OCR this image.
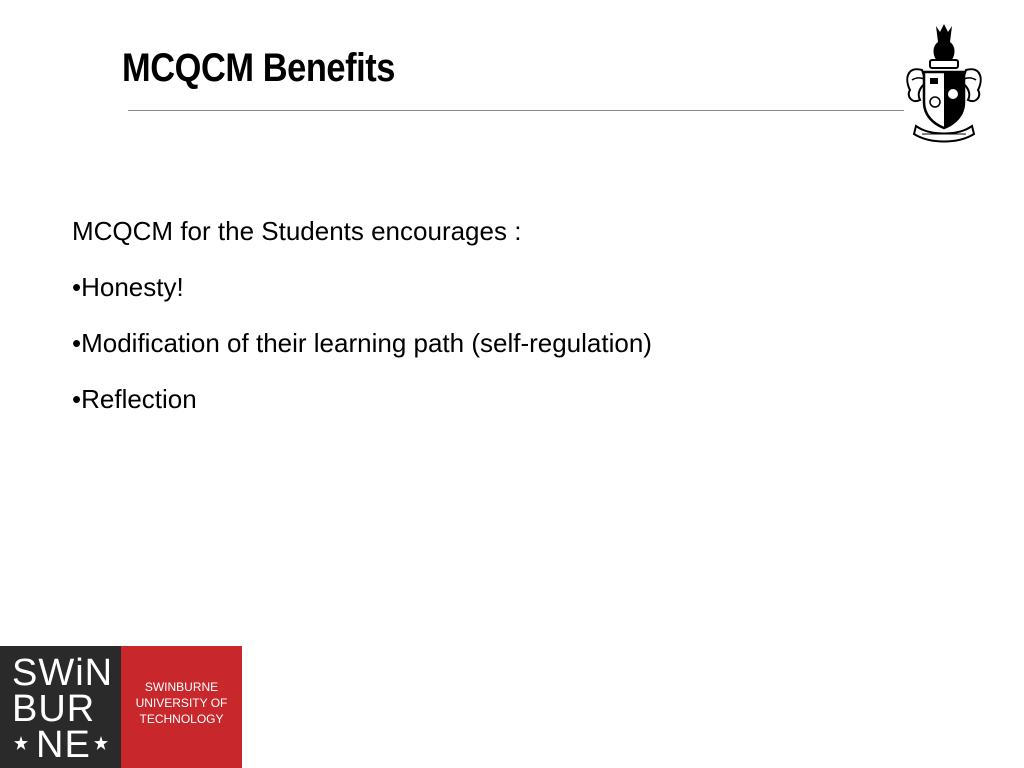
MCQCM Benefits

MCQCM for the Students encourages :

•Honesty!

•Modification of their learning path (self-regulation)

•Reflection

SWiN
BUR
NE
SWINBURNE
UNIVERSITY OF
TECHNOLOGY
